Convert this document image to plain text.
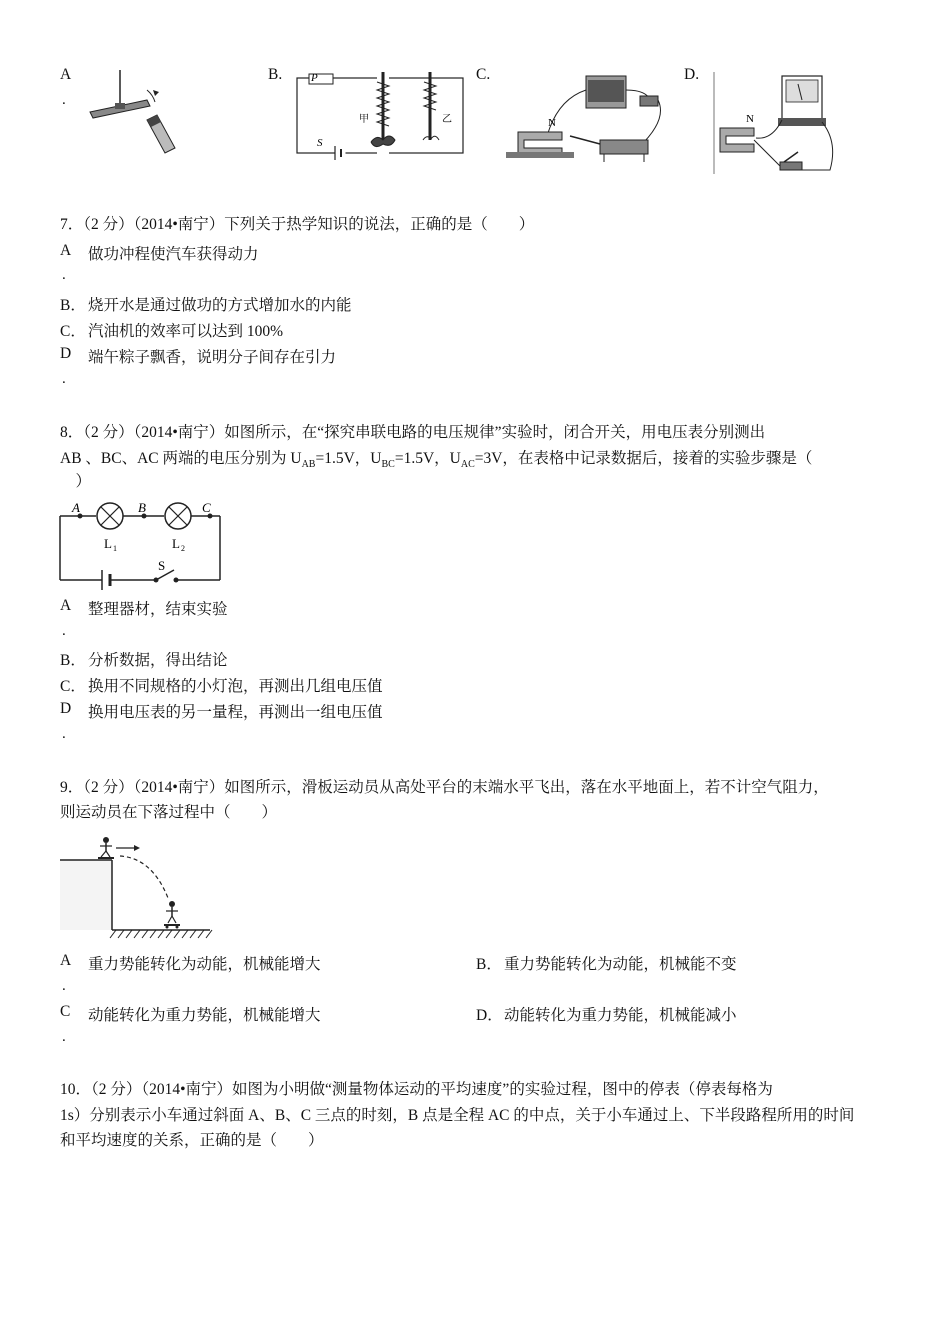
A
.
B.	C.	D.
P
S
甲	乙	N	N
7．（2 分）（2014•南宁）下列关于热学知识的说法，正确的是（　　）
A 做功冲程使汽车获得动力
.
B． 烧开水是通过做功的方式增加水的内能
C． 汽油机的效率可以达到 100%
D 端午粽子飘香，说明分子间存在引力
.
8．（2 分）（2014•南宁）如图所示，在“探究串联电路的电压规律”实验时，闭合开关，用电压表分别测出
AB 、BC、AC 两端的电压分别为 $U_{AB}=1.5V$，$U_{BC}=1.5V$，$U_{AC}=3V$，在表格中记录数据后，接着的实验步骤是（
　）
A	B	C
L 1	L 2
S
A 整理器材，结束实验
.
B． 分析数据，得出结论
C． 换用不同规格的小灯泡，再测出几组电压值
D 换用电压表的另一量程，再测出一组电压值
.
9．（2 分）（2014•南宁）如图所示，滑板运动员从高处平台的末端水平飞出，落在水平地面上，若不计空气阻力，
则运动员在下落过程中（　　）
A 重力势能转化为动能，机械能增大
.
B． 重力势能转化为动能，机械能不变
C 动能转化为重力势能，机械能增大
.
D． 动能转化为重力势能，机械能减小
10．（2 分）（2014•南宁）如图为小明做“测量物体运动的平均速度”的实验过程，图中的停表（停表每格为
1s）分别表示小车通过斜面 A、B、C 三点的时刻，B 点是全程 AC 的中点，关于小车通过上、下半段路程所用的时间
和平均速度的关系，正确的是（　　）
